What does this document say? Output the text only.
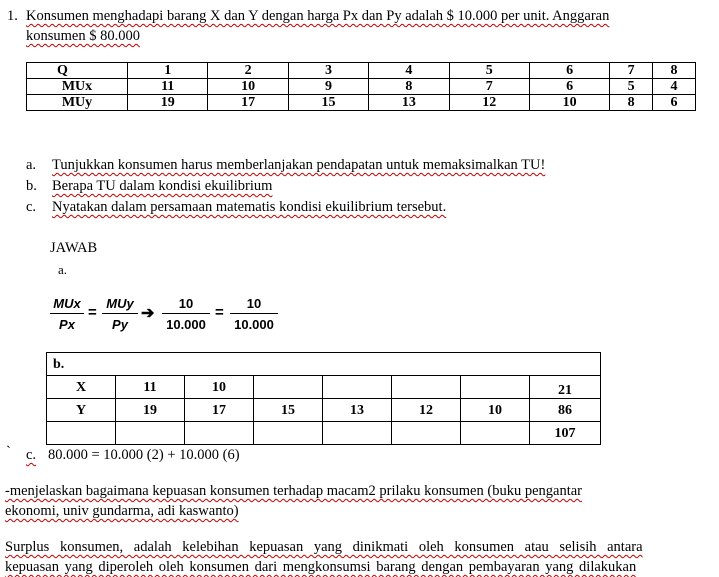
1. Konsumen menghadapi barang X dan Y dengan harga Px dan Py adalah $ 10.000 per unit. Anggaran
konsumen $ 80.000
Q	1	2	3	4	5	6	7	8
MUx	11	10	9	8	7	6	5	4
MUy	19	17	15	13	12	10	8	6
a. Tunjukkan konsumen harus memberlanjakan pendapatan untuk memaksimalkan TU!
b. Berapa TU dalam kondisi ekuilibrium
c. Nyatakan dalam persamaan matematis kondisi ekuilibrium tersebut.
JAWAB
a.
MUx
Px
=
MUy
Py
➔
10
10.000
=
10
10.000
b.							
X	11	10					21
Y	19	17	15	13	12	10	86
							107
` c. 80.000 = 10.000 (2) + 10.000 (6)
-menjelaskan bagaimana kepuasan konsumen terhadap macam2 prilaku konsumen (buku pengantar
ekonomi, univ gundarma, adi kaswanto)
Surplus konsumen, adalah kelebihan kepuasan yang dinikmati oleh konsumen atau selisih antara
kepuasan yang diperoleh oleh konsumen dari mengkonsumsi barang dengan pembayaran yang dilakukan
